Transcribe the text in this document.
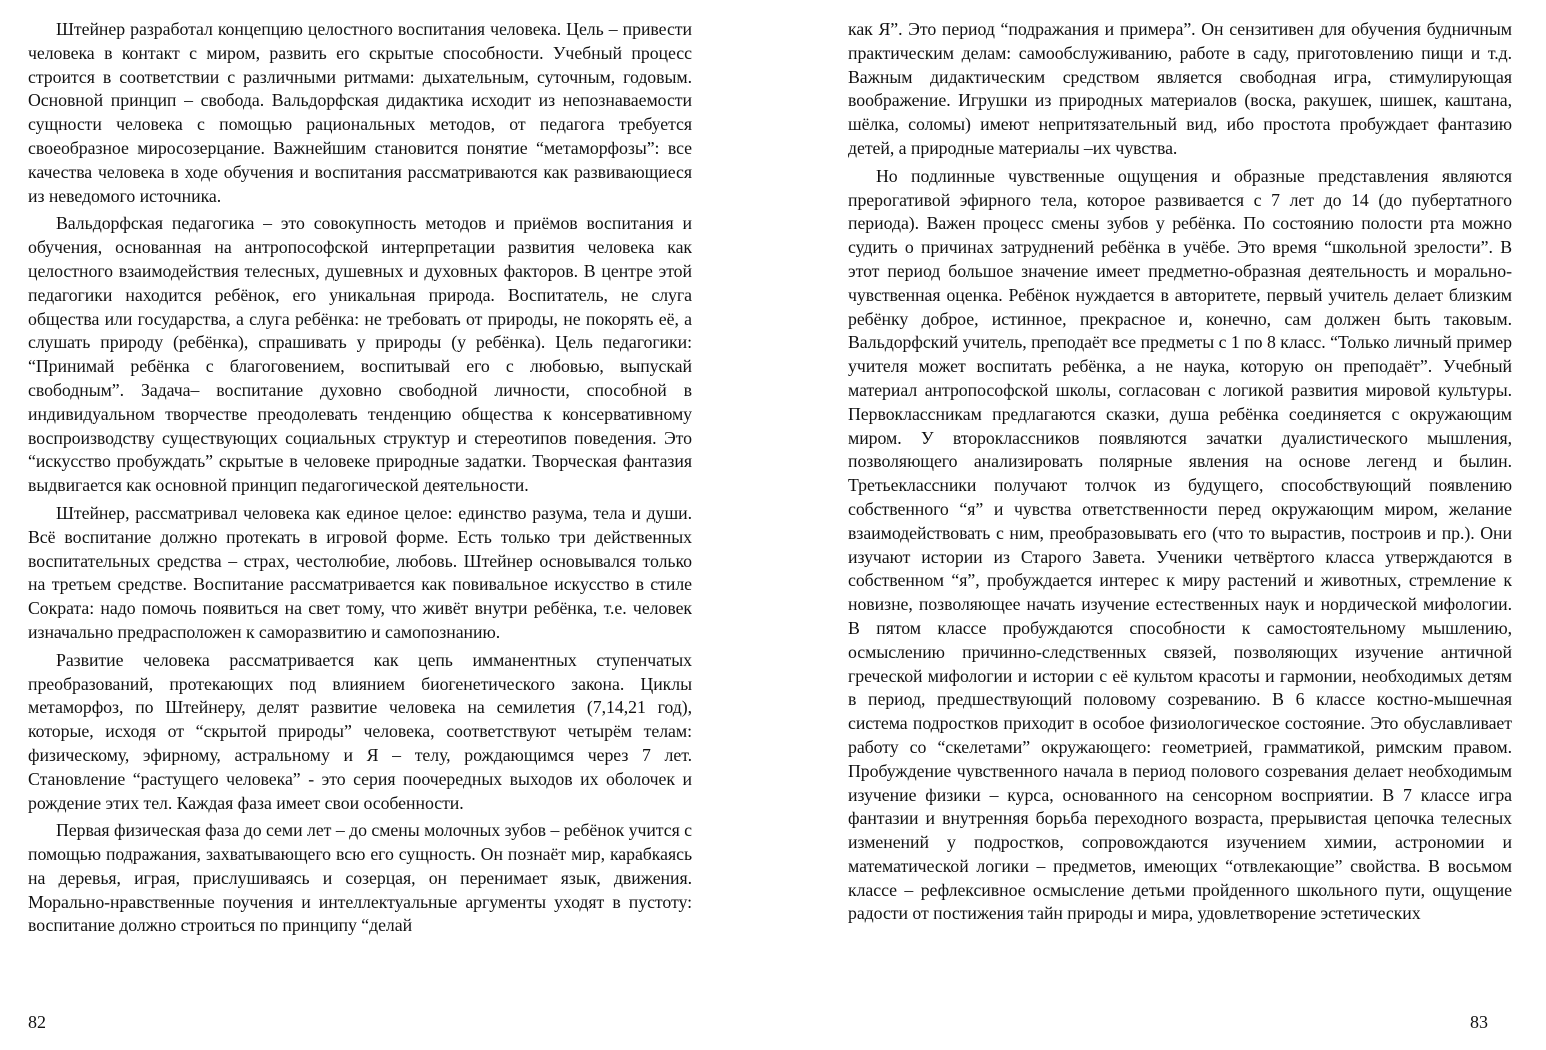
Штейнер разработал концепцию целостного воспитания человека. Цель – привести человека в контакт с миром, развить его скрытые способности. Учебный процесс строится в соответствии с различными ритмами: дыхательным, суточным, годовым. Основной принцип – свобода. Вальдорфская дидактика исходит из непознаваемости сущности человека с помощью рациональных методов, от педагога требуется своеобразное миросозерцание. Важнейшим становится понятие “метаморфозы”: все качества человека в ходе обучения и воспитания рассматриваются как развивающиеся из неведомого источника.

Вальдорфская педагогика – это совокупность методов и приёмов воспитания и обучения, основанная на антропософской интерпретации развития человека как целостного взаимодействия телесных, душевных и духовных факторов. В центре этой педагогики находится ребёнок, его уникальная природа. Воспитатель, не слуга общества или государства, а слуга ребёнка: не требовать от природы, не покорять её, а слушать природу (ребёнка), спрашивать у природы (у ребёнка). Цель педагогики: “Принимай ребёнка с благоговением, воспитывай его с любовью, выпускай свободным”. Задача– воспитание духовно свободной личности, способной в индивидуальном творчестве преодолевать тенденцию общества к консервативному воспроизводству существующих социальных структур и стереотипов поведения. Это “искусство пробуждать” скрытые в человеке природные задатки. Творческая фантазия выдвигается как основной принцип педагогической деятельности.

Штейнер, рассматривал человека как единое целое: единство разума, тела и души. Всё воспитание должно протекать в игровой форме. Есть только три действенных воспитательных средства – страх, честолюбие, любовь. Штейнер основывался только на третьем средстве. Воспитание рассматривается как повивальное искусство в стиле Сократа: надо помочь появиться на свет тому, что живёт внутри ребёнка, т.е. человек изначально предрасположен к саморазвитию и самопознанию.

Развитие человека рассматривается как цепь имманентных ступенчатых преобразований, протекающих под влиянием биогенетического закона. Циклы метаморфоз, по Штейнеру, делят развитие человека на семилетия (7,14,21 год), которые, исходя от “скрытой природы” человека, соответствуют четырём телам: физическому, эфирному, астральному и Я – телу, рождающимся через 7 лет. Становление “растущего человека” - это серия поочередных выходов их оболочек и рождение этих тел. Каждая фаза имеет свои особенности.

Первая физическая фаза до семи лет – до смены молочных зубов – ребёнок учится с помощью подражания, захватывающего всю его сущность. Он познаёт мир, карабкаясь на деревья, играя, прислушиваясь и созерцая, он перенимает язык, движения. Морально-нравственные поучения и интеллектуальные аргументы уходят в пустоту: воспитание должно строиться по принципу “делай

82

как Я”. Это период “подражания и примера”. Он сензитивен для обучения будничным практическим делам: самообслуживанию, работе в саду, приготовлению пищи и т.д. Важным дидактическим средством является свободная игра, стимулирующая воображение. Игрушки из природных материалов (воска, ракушек, шишек, каштана, шёлка, соломы) имеют непритязательный вид, ибо простота пробуждает фантазию детей, а природные материалы –их чувства.

Но подлинные чувственные ощущения и образные представления являются прерогативой эфирного тела, которое развивается с 7 лет до 14 (до пубертатного периода). Важен процесс смены зубов у ребёнка. По состоянию полости рта можно судить о причинах затруднений ребёнка в учёбе. Это время “школьной зрелости”. В этот период большое значение имеет предметно-образная деятельность и морально-чувственная оценка. Ребёнок нуждается в авторитете, первый учитель делает близким ребёнку доброе, истинное, прекрасное и, конечно, сам должен быть таковым. Вальдорфский учитель, преподаёт все предметы с 1 по 8 класс. “Только личный пример учителя может воспитать ребёнка, а не наука, которую он преподаёт”. Учебный материал антропософской школы, согласован с логикой развития мировой культуры. Первоклассникам предлагаются сказки, душа ребёнка соединяется с окружающим миром. У второклассников появляются зачатки дуалистического мышления, позволяющего анализировать полярные явления на основе легенд и былин. Третьеклассники получают толчок из будущего, способствующий появлению собственного “я” и чувства ответственности перед окружающим миром, желание взаимодействовать с ним, преобразовывать его (что то вырастив, построив и пр.). Они изучают истории из Старого Завета. Ученики четвёртого класса утверждаются в собственном “я”, пробуждается интерес к миру растений и животных, стремление к новизне, позволяющее начать изучение естественных наук и нордической мифологии. В пятом классе пробуждаются способности к самостоятельному мышлению, осмыслению причинно-следственных связей, позволяющих изучение античной греческой мифологии и истории с её культом красоты и гармонии, необходимых детям в период, предшествующий половому созреванию. В 6 классе костно-мышечная система подростков приходит в особое физиологическое состояние. Это обуславливает работу со “скелетами” окружающего: геометрией, грамматикой, римским правом. Пробуждение чувственного начала в период полового созревания делает необходимым изучение физики – курса, основанного на сенсорном восприятии. В 7 классе игра фантазии и внутренняя борьба переходного возраста, прерывистая цепочка телесных изменений у подростков, сопровождаются изучением химии, астрономии и математической логики – предметов, имеющих “отвлекающие” свойства. В восьмом классе – рефлексивное осмысление детьми пройденного школьного пути, ощущение радости от постижения тайн природы и мира, удовлетворение эстетических

83
